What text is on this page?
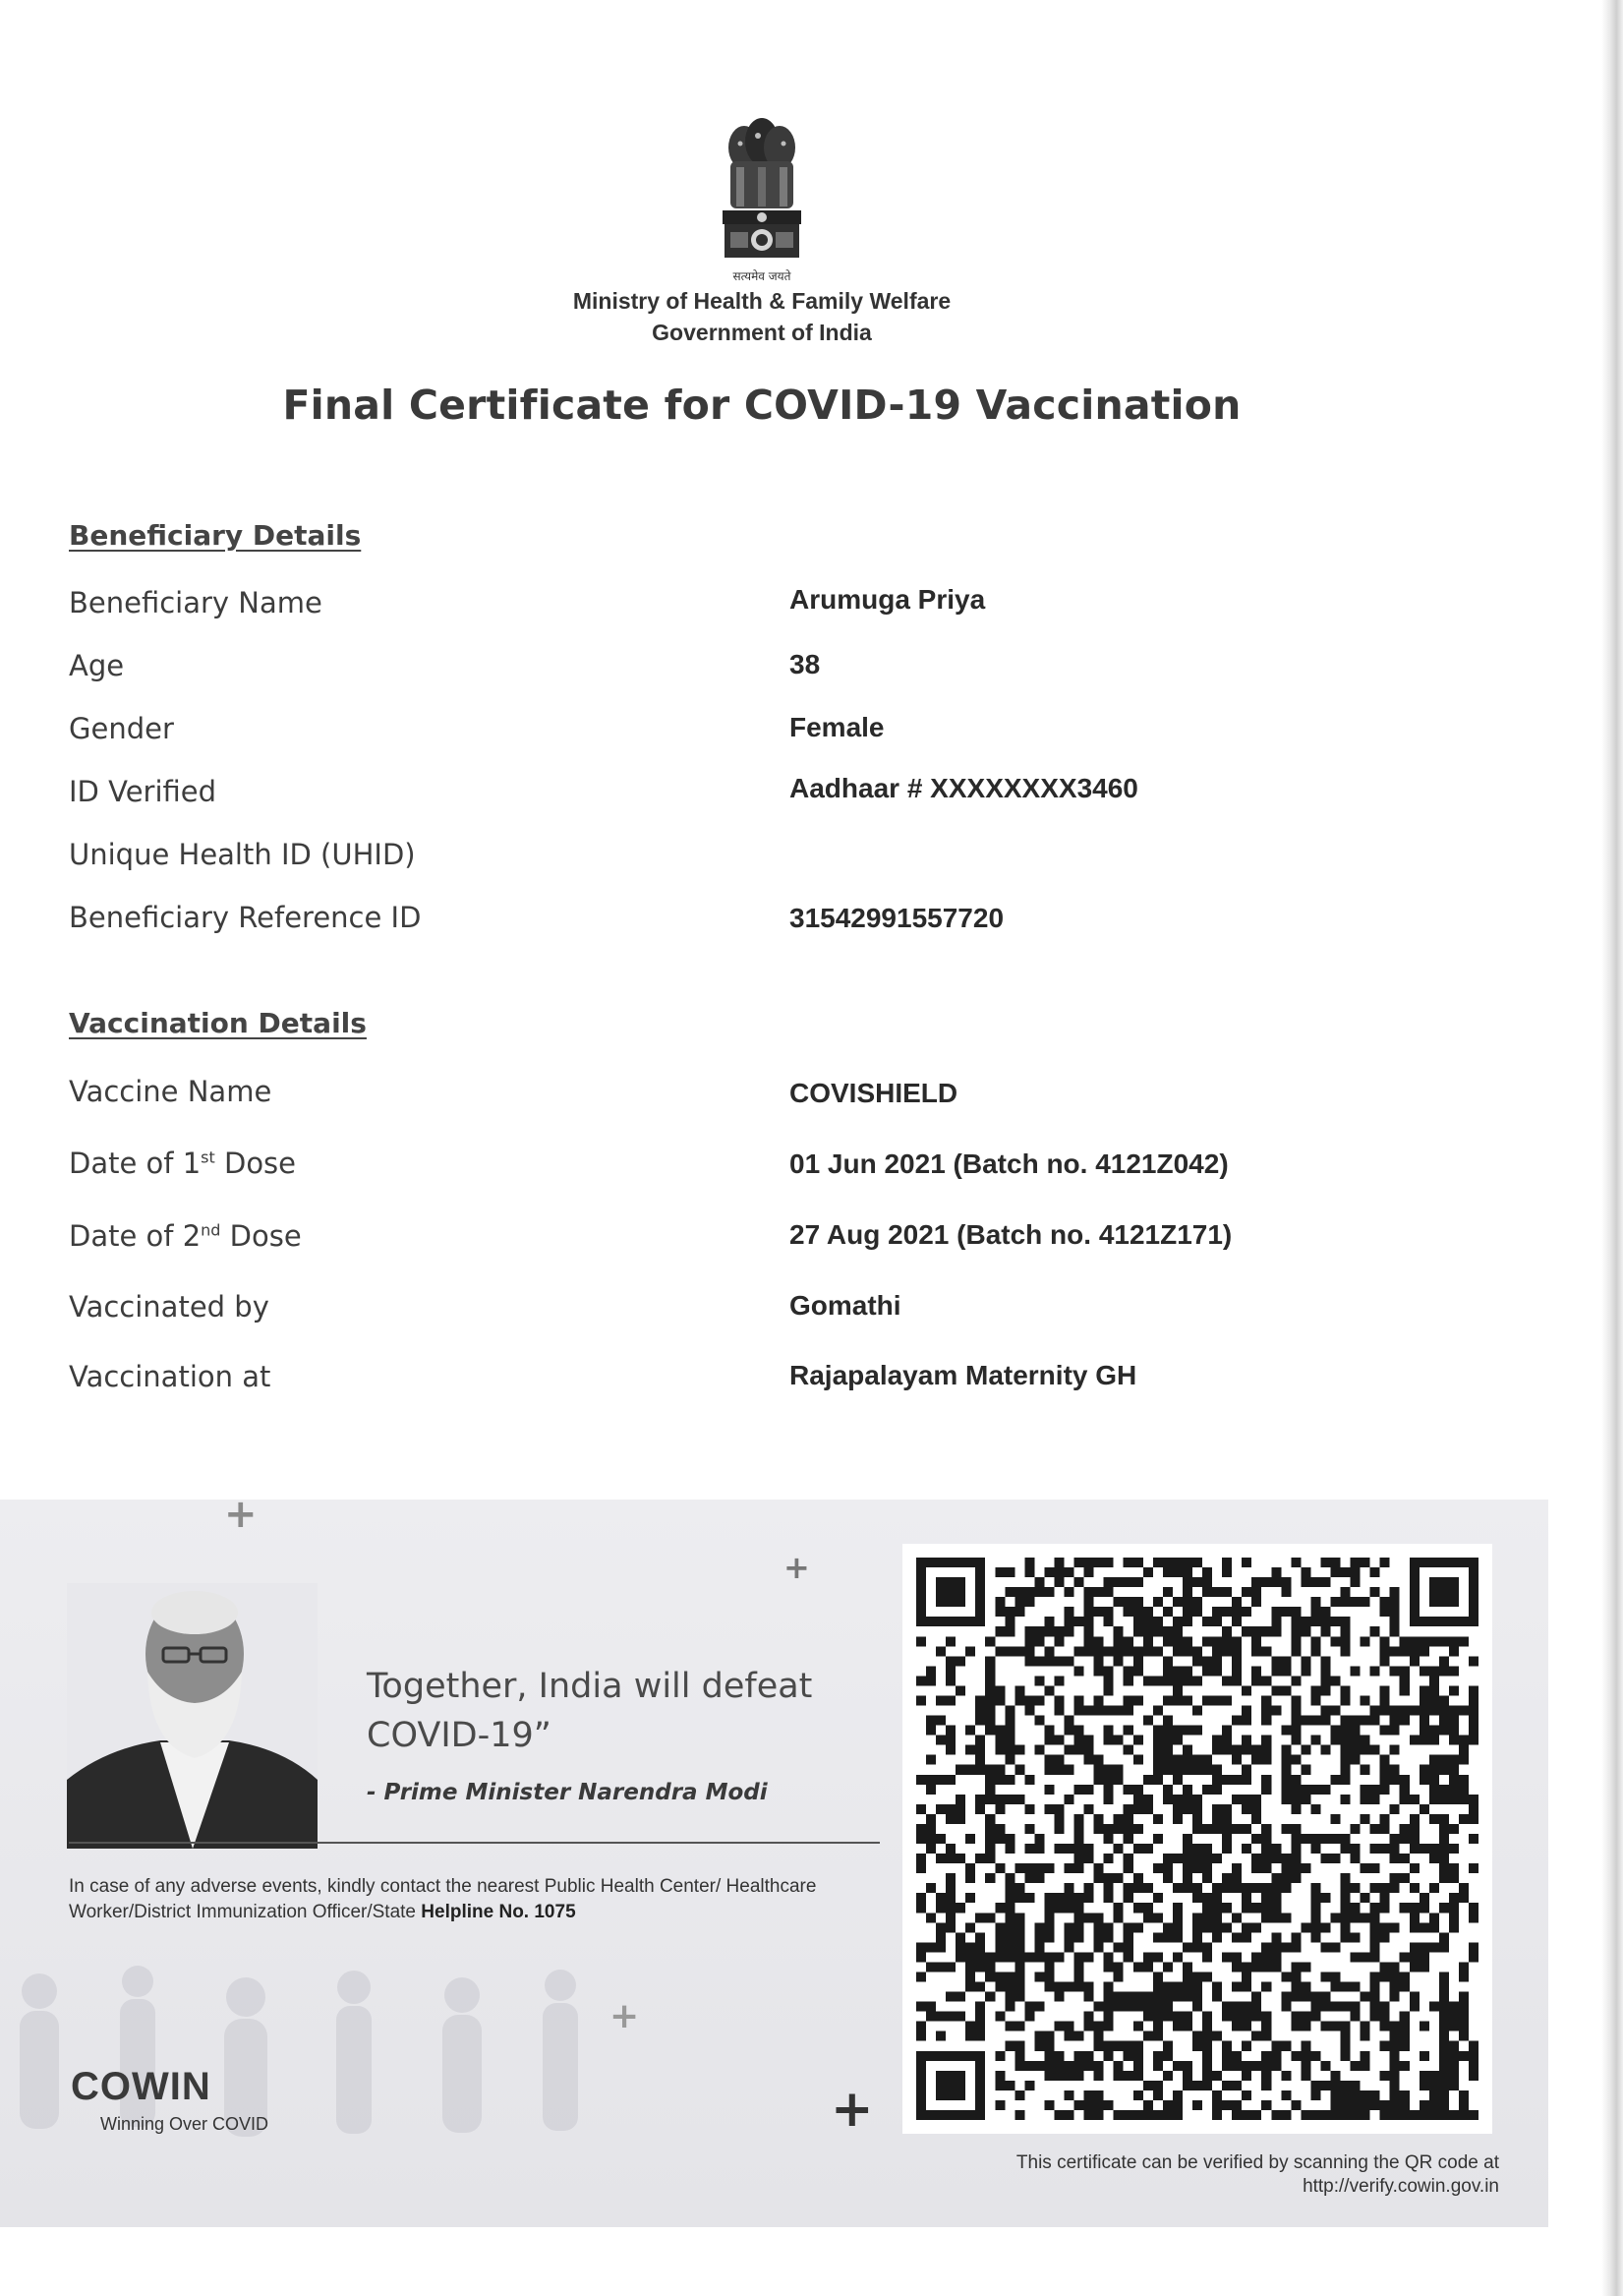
सत्यमेव जयते
Ministry of Health & Family Welfare
Government of India
Final Certificate for COVID-19 Vaccination
Beneficiary Details
Beneficiary Name	Arumuga Priya
Age	38
Gender	Female
ID Verified	Aadhaar # XXXXXXXX3460
Unique Health ID (UHID)
Beneficiary Reference ID	31542991557720
Vaccination Details
Vaccine Name	COVISHIELD
Date of 1st Dose	01 Jun 2021 (Batch no. 4121Z042)
Date of 2nd Dose	27 Aug 2021 (Batch no. 4121Z171)
Vaccinated by	Gomathi
Vaccination at	Rajapalayam Maternity GH
+
+
+
+
Together, India will defeat
COVID-19”
- Prime Minister Narendra Modi
In case of any adverse events, kindly contact the nearest Public Health Center/ Healthcare Worker/District Immunization Officer/State Helpline No. 1075
COWIN
Winning Over COVID
This certificate can be verified by scanning the QR code at
http://verify.cowin.gov.in
